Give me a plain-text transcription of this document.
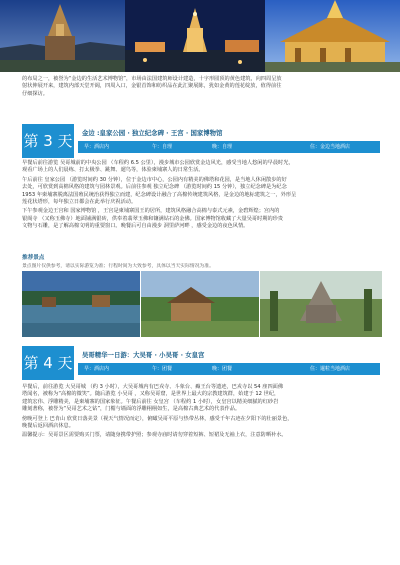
的布局之一，被誉为“金边的生活艺术博物馆”，市场由法国建筑师设计建造，十字形圆顶的黄色建筑，向四周呈放
射状伸展开来，建筑内部天堂开阔，四周入口，金银首饰和纺织品在此汇聚展陈，犹如金黄的莲花绽放，值得前往
仔细探访。
第 3 天 金边 :皇家公园 · 独立纪念碑 · 王宫 · 国家博物馆
早：酒店内	午：自理	晚：自理	住：金边当地酒店
早餐后前往游览 吴哥城前的中央公园 （车程约 6.5 公里），漫步城市公园欣赏金边风光，感受当地人悠闲的早晨时光，
观看广场上的人们晨练、打太极拳、跳舞、遛鸟等，体验柬埔寨人的日常生活。
午后前往 皇家公园 （游览时间约 30 分钟），位于金边市中心，公园内有精美的佛塔和花园，是当地人休闲散步的好
去处，可欣赏到高棉风格的建筑与园林景观。后前往参观 独立纪念碑 （游览时间约 15 分钟），独立纪念碑是为纪念
1953 年柬埔寨脱离法国殖民统治获得独立而建，纪念碑设计融合了高棉传统建筑风格，是金边的地标建筑之一，外形呈
莲花状塔形，每年独立日都会在此举行庆祝活动。
下午参观金边王宫和 国家博物馆 ，王宫是柬埔寨国王的居所，建筑风格融合高棉与泰式元素，金碧辉煌；宫内的
银阁寺 （又称玉佛寺）地面铺满银砖，供奉着翡翠玉佛和镶满钻石的金佛。国家博物馆收藏了大量吴哥时期的珍贵
文物与石雕，是了解高棉文明的重要窗口。晚餐后可自由漫步 洞里萨河畔 ，感受金边的夜色风情。
推荐景点
景点图片仅供参考，请以实际游览为准；行程时间为大致参考，具体以当天实际情况为准。
第 4 天 吴哥精华一日游：大吴哥 · 小吴哥 · 女皇宫
早：酒店内	午：团餐	晚：团餐	住：暹粒当地酒店
早餐后，前往游览 大吴哥城 （约 3 小时），大吴哥城内有巴戎寺、斗象台、癫王台等遗迹，巴戎寺以 54 座四面佛
塔闻名，被称为“高棉的微笑”。随后游览 小吴哥 ，又称吴哥窟，是世界上最大的宗教建筑群，始建于 12 世纪，
建筑宏伟、浮雕精美，是柬埔寨的国家象征。午餐后前往 女皇宫 （车程约 1 小时），女皇宫以精美细腻的红砂岩
雕刻著称，被誉为“吴哥艺术之钻”，门楣与墙面的浮雕栩栩如生，是高棉古典艺术的代表作品。
傍晚可登上 巴肯山 欣赏日落美景（视天气情况而定），俯瞰吴哥平原与热带丛林，感受千年古迹在夕阳下的壮丽景色，
晚餐后返回酒店休息。
温馨提示：吴哥景区需要购买门票，请随身携带护照；参观寺庙时请勿穿着短裤、短裙及无袖上衣，注意防晒补水。
